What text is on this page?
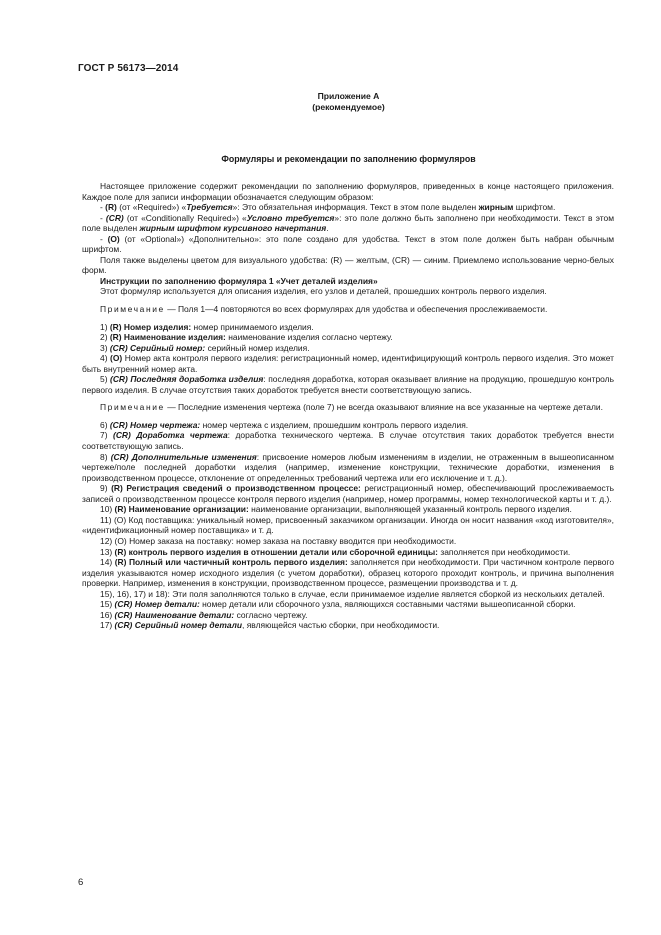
ГОСТ Р 56173—2014
Приложение А
(рекомендуемое)
Формуляры и рекомендации по заполнению формуляров

Настоящее приложение содержит рекомендации по заполнению формуляров, приведенных в конце настоящего приложения. Каждое поле для записи информации обозначается следующим образом:

- (R) (от «Required») «Требуется»: Это обязательная информация. Текст в этом поле выделен жирным шрифтом.

- (CR) (от «Conditionally Required») «Условно требуется»: это поле должно быть заполнено при необходимости. Текст в этом поле выделен жирным шрифтом курсивного начертания.

- (O) (от «Optional») «Дополнительно»: это поле создано для удобства. Текст в этом поле должен быть набран обычным шрифтом.

Поля также выделены цветом для визуального удобства: (R) — желтым, (CR) — синим. Приемлемо использование черно-белых форм.

Инструкции по заполнению формуляра 1 «Учет деталей изделия»

Этот формуляр используется для описания изделия, его узлов и деталей, прошедших контроль первого изделия.

Примечание — Поля 1—4 повторяются во всех формулярах для удобства и обеспечения прослеживаемости.

1) (R) Номер изделия: номер принимаемого изделия.

2) (R) Наименование изделия: наименование изделия согласно чертежу.

3) (CR) Серийный номер: серийный номер изделия.

4) (O) Номер акта контроля первого изделия: регистрационный номер, идентифицирующий контроль первого изделия. Это может быть внутренний номер акта.

5) (CR) Последняя доработка изделия: последняя доработка, которая оказывает влияние на продукцию, прошедшую контроль первого изделия. В случае отсутствия таких доработок требуется внести соответствующую запись.

Примечание — Последние изменения чертежа (поле 7) не всегда оказывают влияние на все указанные на чертеже детали.

6) (CR) Номер чертежа: номер чертежа с изделием, прошедшим контроль первого изделия.

7) (CR) Доработка чертежа: доработка технического чертежа. В случае отсутствия таких доработок требуется внести соответствующую запись.

8) (CR) Дополнительные изменения: присвоение номеров любым изменениям в изделии, не отраженным в вышеописанном чертеже/поле последней доработки изделия (например, изменение конструкции, технические доработки, изменения в производственном процессе, отклонение от определенных требований чертежа или его исключение и т. д.).

9) (R) Регистрация сведений о производственном процессе: регистрационный номер, обеспечивающий прослеживаемость записей о производственном процессе контроля первого изделия (например, номер программы, номер технологической карты и т. д.).

10) (R) Наименование организации: наименование организации, выполняющей указанный контроль первого изделия.

11) (O) Код поставщика: уникальный номер, присвоенный заказчиком организации. Иногда он носит названия «код изготовителя», «идентификационный номер поставщика» и т. д.

12) (O) Номер заказа на поставку: номер заказа на поставку вводится при необходимости.

13) (R) контроль первого изделия в отношении детали или сборочной единицы: заполняется при необходимости.

14) (R) Полный или частичный контроль первого изделия: заполняется при необходимости. При частичном контроле первого изделия указываются номер исходного изделия (с учетом доработки), образец которого проходит контроль, и причина выполнения проверки. Например, изменения в конструкции, производственном процессе, размещении производства и т. д.

15), 16), 17) и 18): Эти поля заполняются только в случае, если принимаемое изделие является сборкой из нескольких деталей.

15) (CR) Номер детали: номер детали или сборочного узла, являющихся составными частями вышеописанной сборки.

16) (CR) Наименование детали: согласно чертежу.

17) (CR) Серийный номер детали, являющейся частью сборки, при необходимости.

6
